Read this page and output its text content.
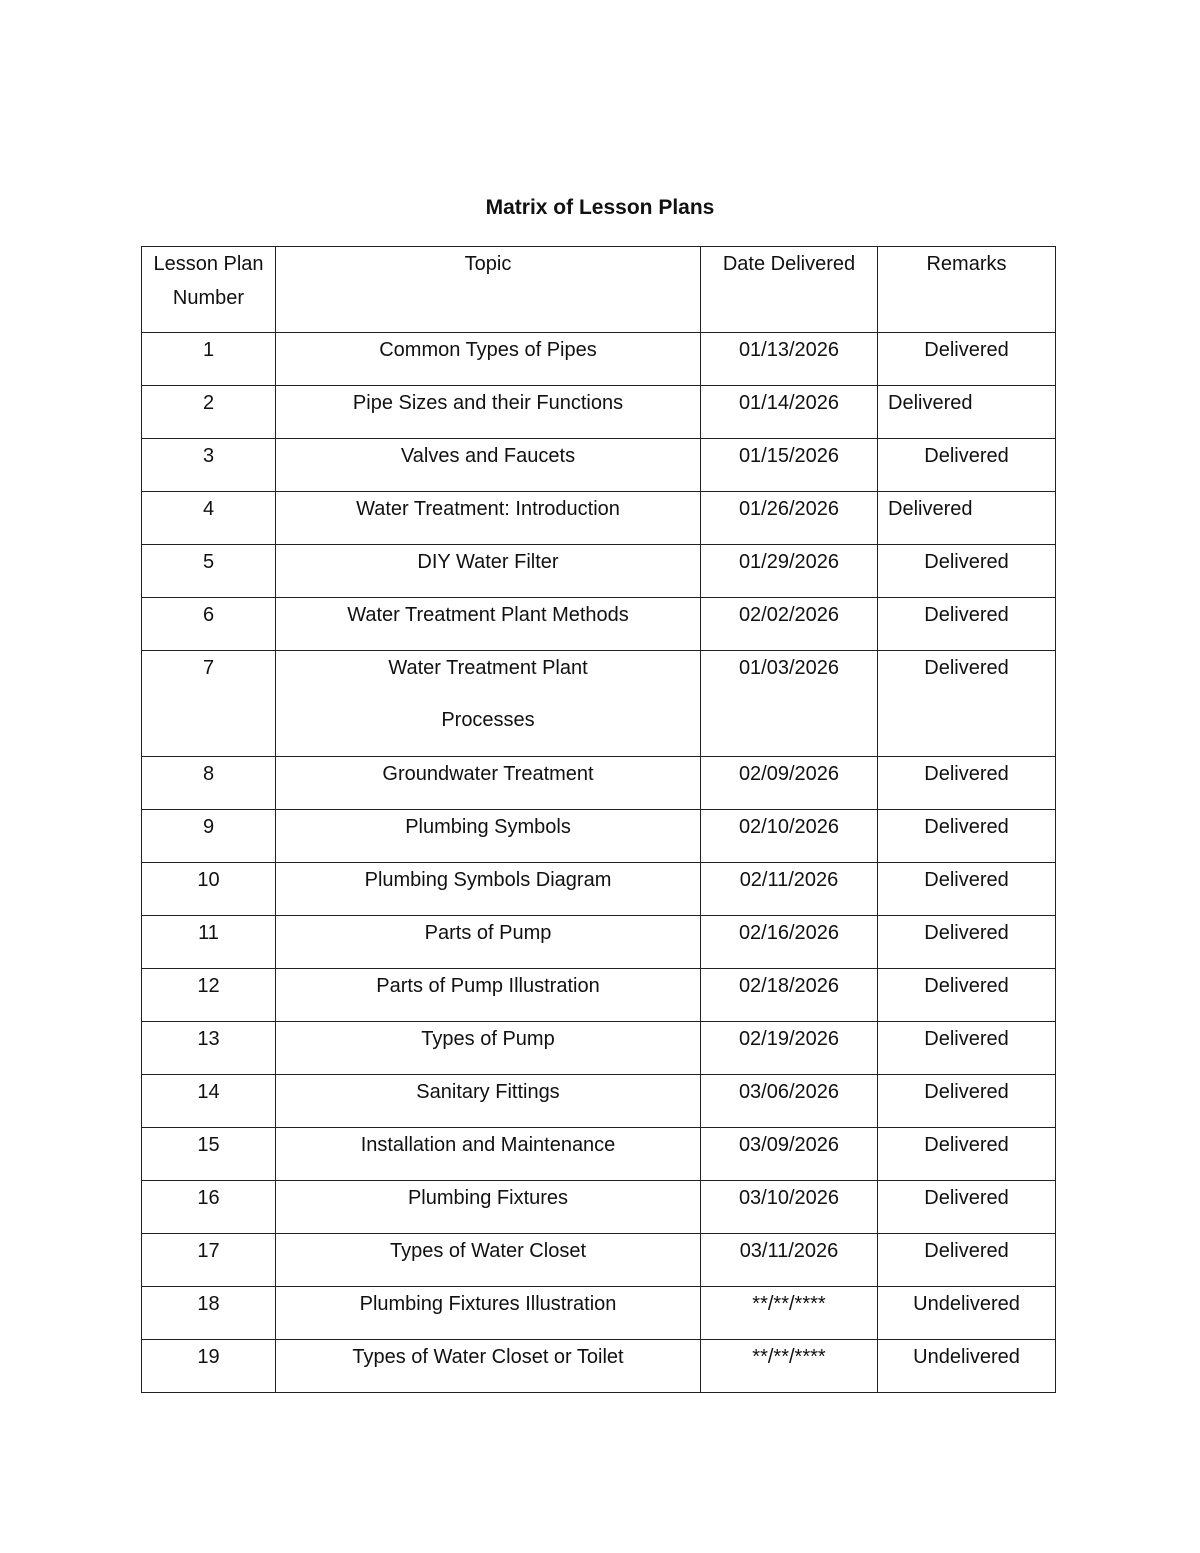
Matrix of Lesson Plans
Lesson Plan
Number	Topic	Date Delivered	Remarks
1	Common Types of Pipes	01/13/2026	Delivered
2	Pipe Sizes and their Functions	01/14/2026	Delivered
3	Valves and Faucets	01/15/2026	Delivered
4	Water Treatment: Introduction	01/26/2026	Delivered
5	DIY Water Filter	01/29/2026	Delivered
6	Water Treatment Plant Methods	02/02/2026	Delivered
7	Water Treatment Plant
Processes	01/03/2026	Delivered
8	Groundwater Treatment	02/09/2026	Delivered
9	Plumbing Symbols	02/10/2026	Delivered
10	Plumbing Symbols Diagram	02/11/2026	Delivered
11	Parts of Pump	02/16/2026	Delivered
12	Parts of Pump Illustration	02/18/2026	Delivered
13	Types of Pump	02/19/2026	Delivered
14	Sanitary Fittings	03/06/2026	Delivered
15	Installation and Maintenance	03/09/2026	Delivered
16	Plumbing Fixtures	03/10/2026	Delivered
17	Types of Water Closet	03/11/2026	Delivered
18	Plumbing Fixtures Illustration	**/**/****	Undelivered
19	Types of Water Closet or Toilet	**/**/****	Undelivered
